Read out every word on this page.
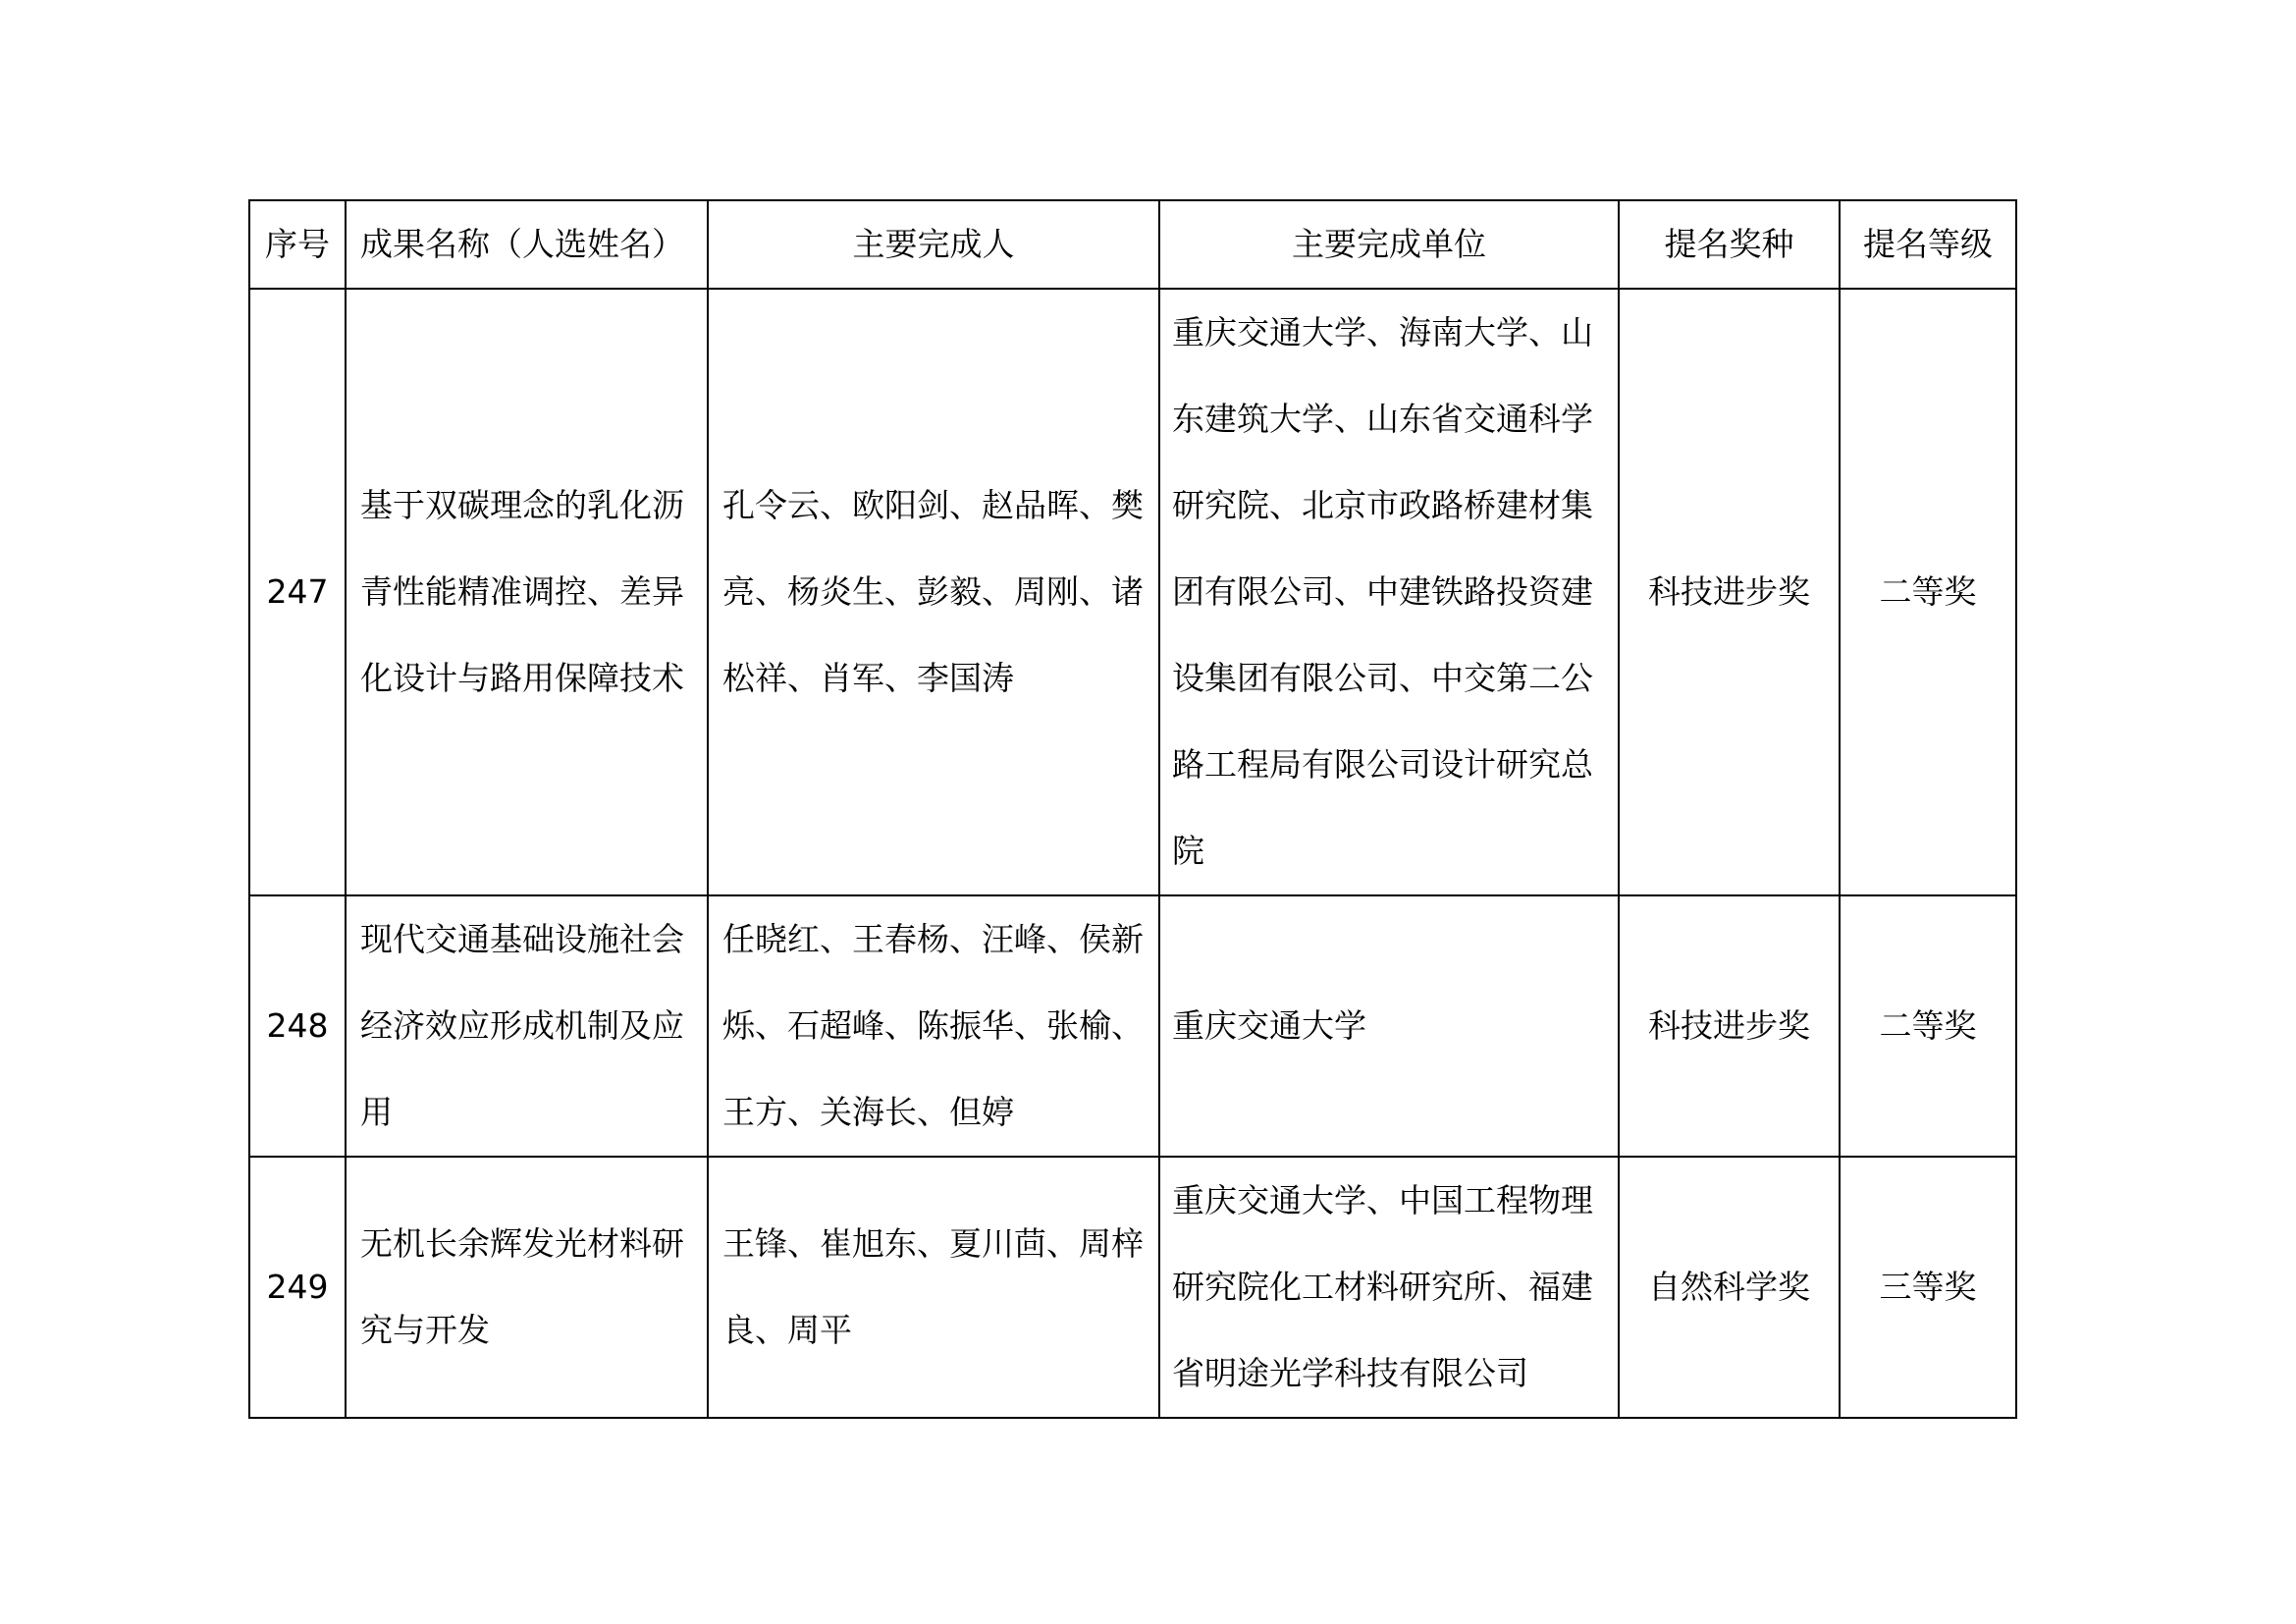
序号	成果名称（人选姓名）	主要完成人	主要完成单位	提名奖种	提名等级
247	基于双碳理念的乳化沥青性能精准调控、差异化设计与路用保障技术	孔令云、欧阳剑、赵品晖、樊亮、杨炎生、彭毅、周刚、诸松祥、肖军、李国涛	重庆交通大学、海南大学、山东建筑大学、山东省交通科学研究院、北京市政路桥建材集团有限公司、中建铁路投资建设集团有限公司、中交第二公路工程局有限公司设计研究总院	科技进步奖	二等奖
248	现代交通基础设施社会经济效应形成机制及应用	任晓红、王春杨、汪峰、侯新烁、石超峰、陈振华、张榆、王方、关海长、但婷	重庆交通大学	科技进步奖	二等奖
249	无机长余辉发光材料研究与开发	王锋、崔旭东、夏川茴、周梓良、周平	重庆交通大学、中国工程物理研究院化工材料研究所、福建省明途光学科技有限公司	自然科学奖	三等奖
